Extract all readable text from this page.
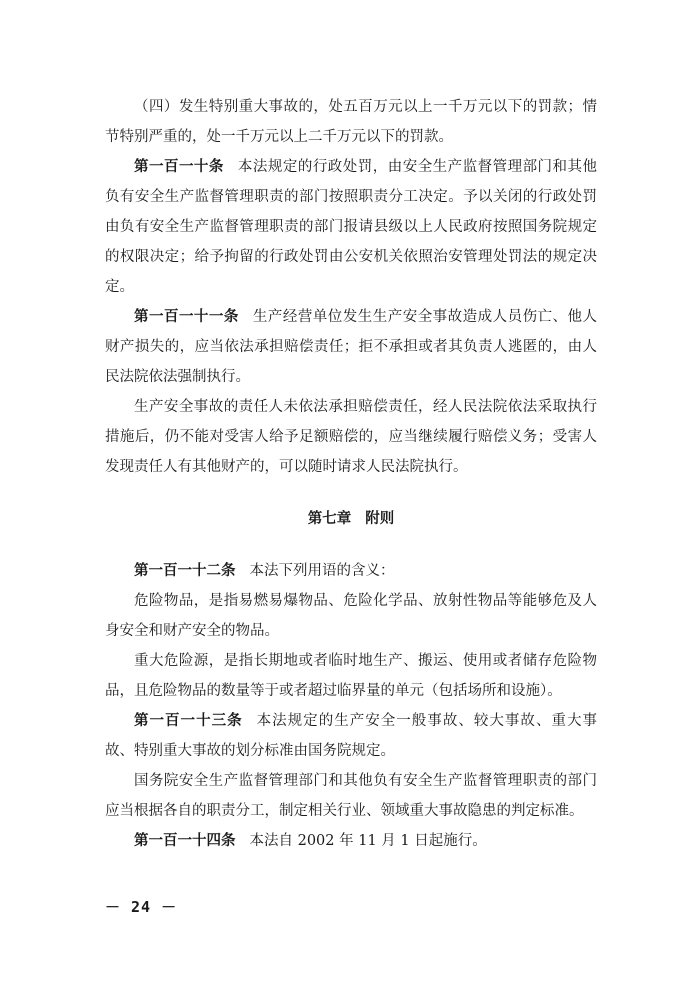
（四）发生特别重大事故的，处五百万元以上一千万元以下的罚款；情节特别严重的，处一千万元以上二千万元以下的罚款。

第一百一十条 本法规定的行政处罚，由安全生产监督管理部门和其他负有安全生产监督管理职责的部门按照职责分工决定。予以关闭的行政处罚由负有安全生产监督管理职责的部门报请县级以上人民政府按照国务院规定的权限决定；给予拘留的行政处罚由公安机关依照治安管理处罚法的规定决定。

第一百一十一条 生产经营单位发生生产安全事故造成人员伤亡、他人财产损失的，应当依法承担赔偿责任；拒不承担或者其负责人逃匿的，由人民法院依法强制执行。

生产安全事故的责任人未依法承担赔偿责任，经人民法院依法采取执行措施后，仍不能对受害人给予足额赔偿的，应当继续履行赔偿义务；受害人发现责任人有其他财产的，可以随时请求人民法院执行。

第七章 附则

第一百一十二条 本法下列用语的含义：

危险物品，是指易燃易爆物品、危险化学品、放射性物品等能够危及人身安全和财产安全的物品。

重大危险源，是指长期地或者临时地生产、搬运、使用或者储存危险物品，且危险物品的数量等于或者超过临界量的单元（包括场所和设施）。

第一百一十三条 本法规定的生产安全一般事故、较大事故、重大事故、特别重大事故的划分标准由国务院规定。

国务院安全生产监督管理部门和其他负有安全生产监督管理职责的部门应当根据各自的职责分工，制定相关行业、领域重大事故隐患的判定标准。

第一百一十四条 本法自 2002 年 11 月 1 日起施行。

－ 24 －
